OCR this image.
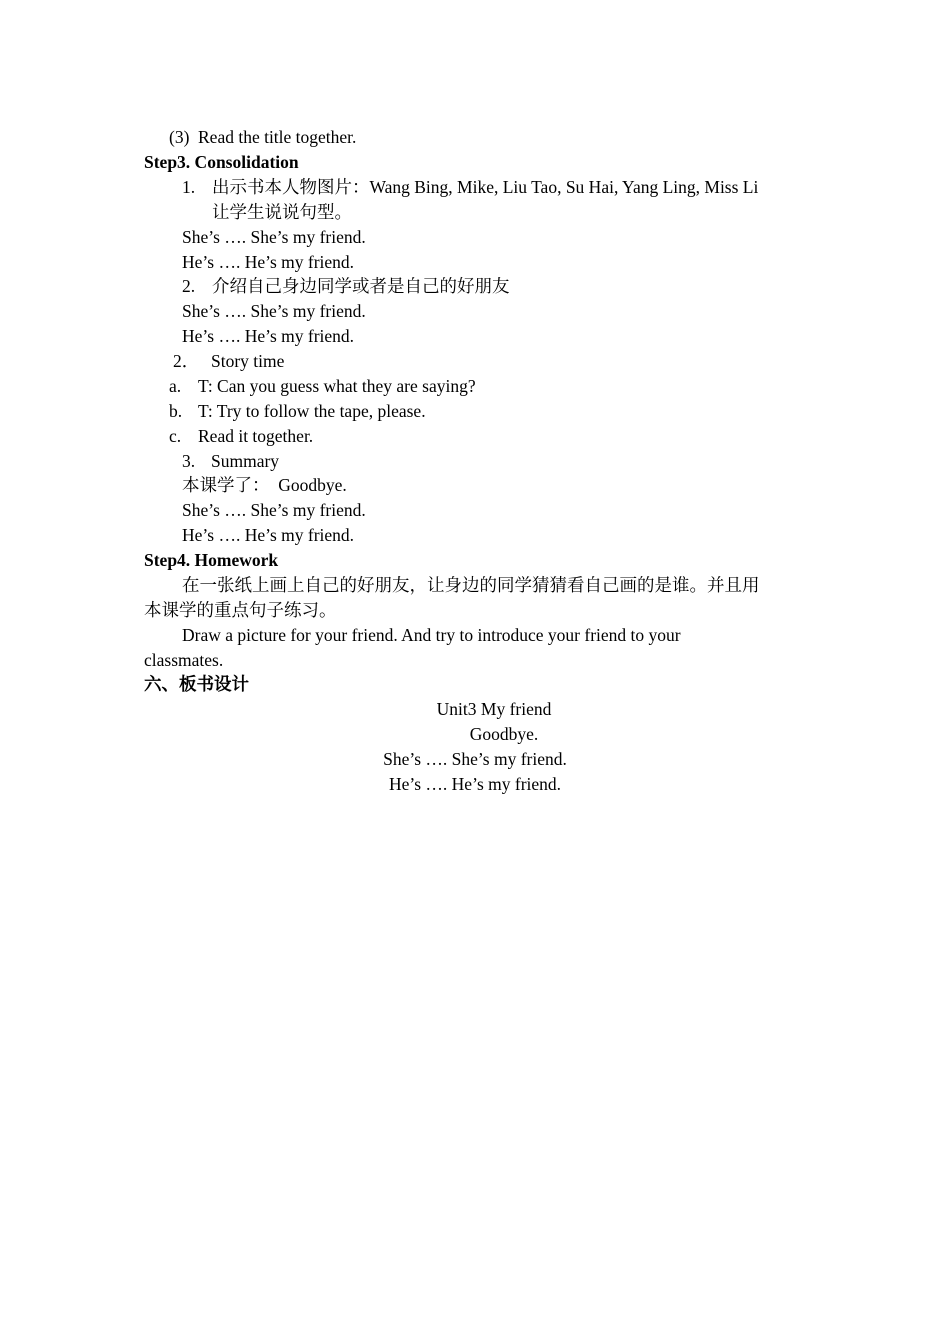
(3) Read the title together.
Step3. Consolidation
1. 出示书本人物图片：Wang Bing, Mike, Liu Tao, Su Hai, Yang Ling, Miss Li
让学生说说句型。
She’s …. She’s my friend.
He’s …. He’s my friend.
2. 介绍自己身边同学或者是自己的好朋友
She’s …. She’s my friend.
He’s …. He’s my friend.
2． Story time
a. T: Can you guess what they are saying?
b. T: Try to follow the tape, please.
c. Read it together.
3. Summary
本课学了：  Goodbye.
She’s …. She’s my friend.
He’s …. He’s my friend.
Step4. Homework
在一张纸上画上自己的好朋友，让身边的同学猜猜看自己画的是谁。并且用
本课学的重点句子练习。
Draw a picture for your friend. And try to introduce your friend to your
classmates.
六、板书设计
Unit3 My friend
Goodbye.
She’s …. She’s my friend.
He’s …. He’s my friend.
